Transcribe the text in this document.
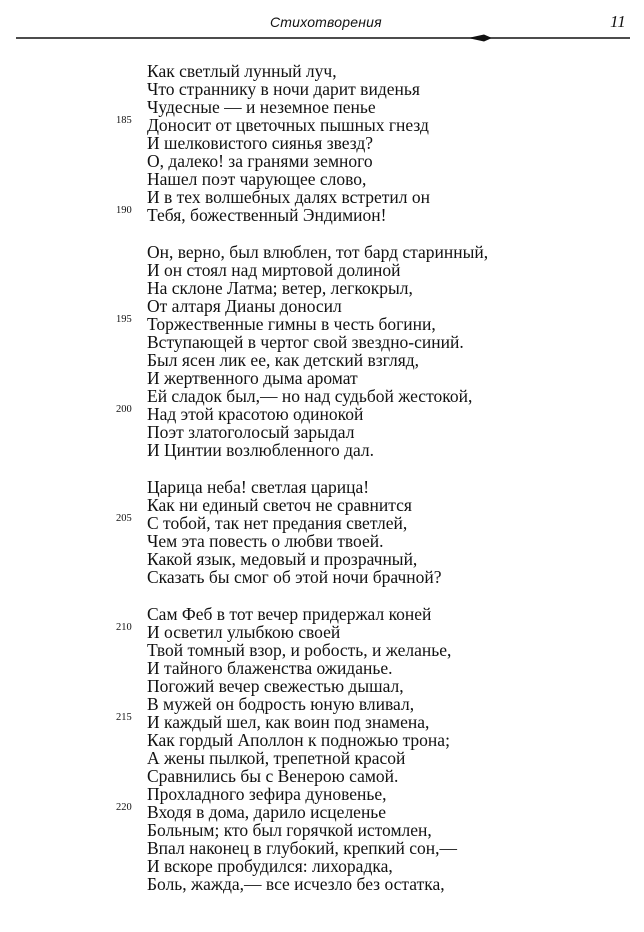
Стихотворения	11
Как светлый лунный луч,
Что страннику в ночи дарит виденья
Чудесные — и неземное пенье
185 Доносит от цветочных пышных гнезд
И шелковистого сиянья звезд?
О, далеко! за гранями земного
Нашел поэт чарующее слово,
И в тех волшебных далях встретил он
190 Тебя, божественный Эндимион!
Он, верно, был влюблен, тот бард старинный,
И он стоял над миртовой долиной
На склоне Латма; ветер, легкокрыл,
От алтаря Дианы доносил
195 Торжественные гимны в честь богини,
Вступающей в чертог свой звездно-синий.
Был ясен лик ее, как детский взгляд,
И жертвенного дыма аромат
Ей сладок был,— но над судьбой жестокой,
200 Над этой красотою одинокой
Поэт златоголосый зарыдал
И Цинтии возлюбленного дал.
Царица неба! светлая царица!
Как ни единый светоч не сравнится
205 С тобой, так нет предания светлей,
Чем эта повесть о любви твоей.
Какой язык, медовый и прозрачный,
Сказать бы смог об этой ночи брачной?
Сам Феб в тот вечер придержал коней
210 И осветил улыбкою своей
Твой томный взор, и робость, и желанье,
И тайного блаженства ожиданье.
Погожий вечер свежестью дышал,
В мужей он бодрость юную вливал,
215 И каждый шел, как воин под знамена,
Как гордый Аполлон к подножью трона;
А жены пылкой, трепетной красой
Сравнились бы с Венерою самой.
Прохладного зефира дуновенье,
220 Входя в дома, дарило исцеленье
Больным; кто был горячкой истомлен,
Впал наконец в глубокий, крепкий сон,—
И вскоре пробудился: лихорадка,
Боль, жажда,— все исчезло без остатка,
